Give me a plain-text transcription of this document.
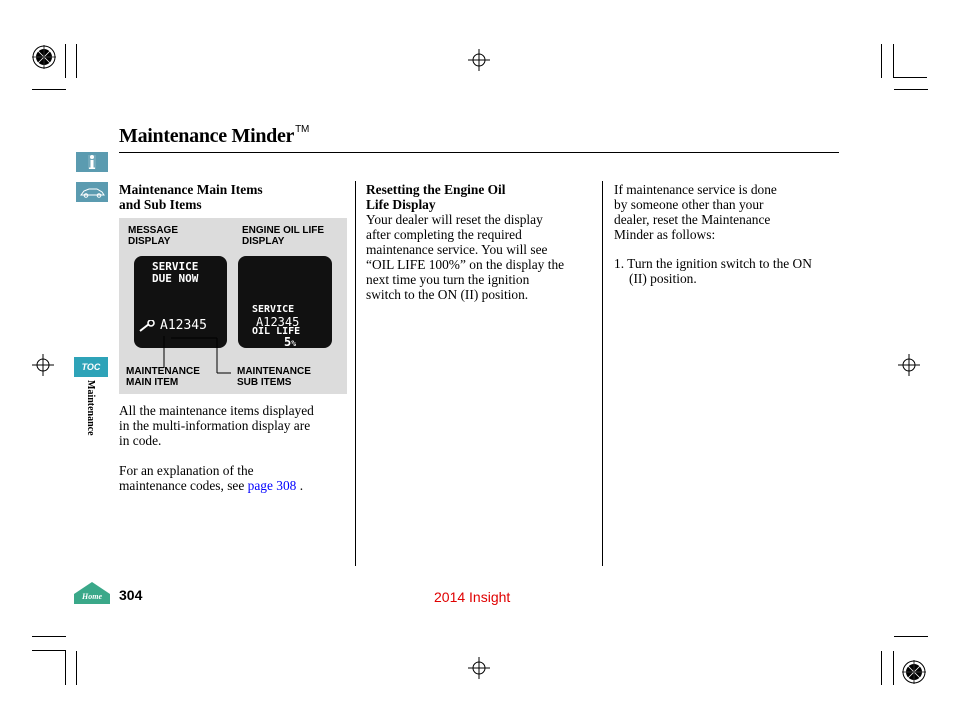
Maintenance Minder™
TOC
Maintenance
Home

Maintenance Main Items

and Sub Items

MESSAGE
DISPLAY
ENGINE OIL LIFE
DISPLAY
SERVICE
DUE NOW
A12345
SERVICE
A12345
OIL LIFE
5%
MAINTENANCE
MAIN ITEM
MAINTENANCE
SUB ITEMS

All the maintenance items displayed

in the multi-information display are

in code.

For an explanation of the

maintenance codes, see page 308 .

Resetting the Engine Oil

Life Display

Your dealer will reset the display

after completing the required

maintenance service. You will see

“OIL LIFE 100%” on the display the

next time you turn the ignition

switch to the ON (II) position.

If maintenance service is done

by someone other than your

dealer, reset the Maintenance

Minder as follows:

1. Turn the ignition switch to the ON

(II) position.

304	2014 Insight
